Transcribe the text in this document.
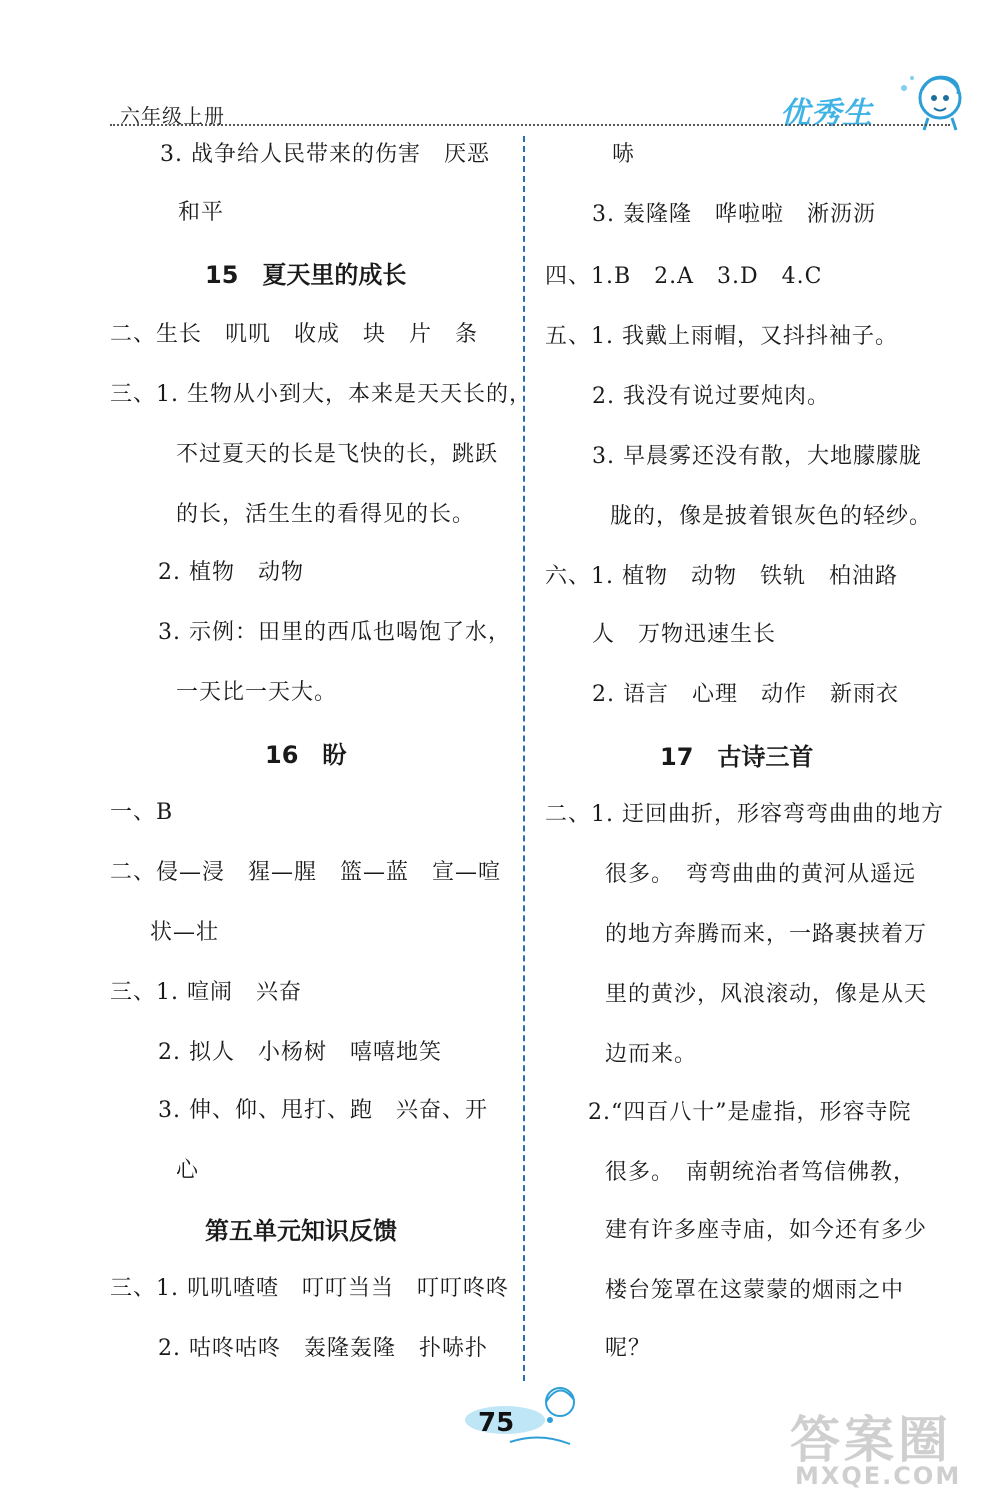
六年级上册	优秀生
3. 战争给人民带来的伤害　厌恶
和平
15　夏天里的成长
二、生长　叽叽　收成　块　片　条
三、1. 生物从小到大，本来是天天长的，
不过夏天的长是飞快的长，跳跃
的长，活生生的看得见的长。
2. 植物　动物
3. 示例：田里的西瓜也喝饱了水，
一天比一天大。
16　盼
一、B
二、侵—浸　猩—腥　篮—蓝　宣—喧
状—壮
三、1. 喧闹　兴奋
2. 拟人　小杨树　嘻嘻地笑
3. 伸、仰、甩打、跑　兴奋、开
心
第五单元知识反馈
三、1. 叽叽喳喳　叮叮当当　叮叮咚咚
2. 咕咚咕咚　轰隆轰隆　扑哧扑
哧
3. 轰隆隆　哗啦啦　淅沥沥
四、1.B　2.A　3.D　4.C
五、1. 我戴上雨帽，又抖抖袖子。
2. 我没有说过要炖肉。
3. 早晨雾还没有散，大地朦朦胧
胧的，像是披着银灰色的轻纱。
六、1. 植物　动物　铁轨　柏油路
人　万物迅速生长
2. 语言　心理　动作　新雨衣
17　古诗三首
二、1. 迂回曲折，形容弯弯曲曲的地方
很多。　弯弯曲曲的黄河从遥远
的地方奔腾而来，一路裹挟着万
里的黄沙，风浪滚动，像是从天
边而来。
2.“四百八十”是虚指，形容寺院
很多。　南朝统治者笃信佛教，
建有许多座寺庙，如今还有多少
楼台笼罩在这蒙蒙的烟雨之中
呢？
75	答案圈
MXQE.COM
